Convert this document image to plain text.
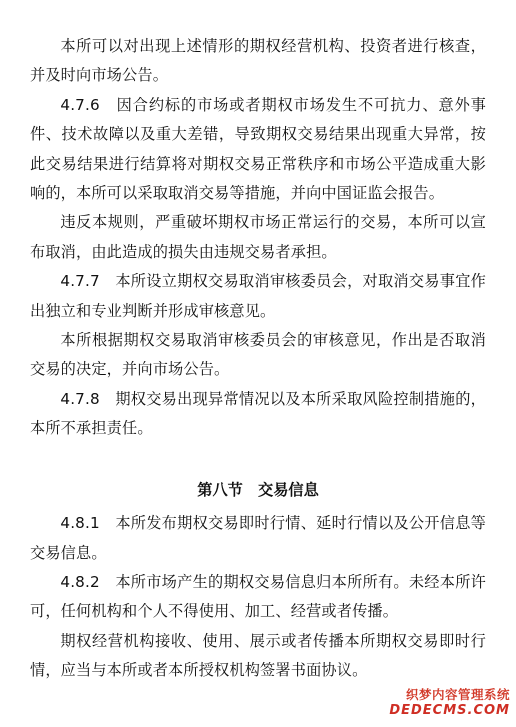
本所可以对出现上述情形的期权经营机构、投资者进行核查，并及时向市场公告。

4.7.6　因合约标的市场或者期权市场发生不可抗力、意外事件、技术故障以及重大差错，导致期权交易结果出现重大异常，按此交易结果进行结算将对期权交易正常秩序和市场公平造成重大影响的，本所可以采取取消交易等措施，并向中国证监会报告。

违反本规则，严重破坏期权市场正常运行的交易，本所可以宣布取消，由此造成的损失由违规交易者承担。

4.7.7　本所设立期权交易取消审核委员会，对取消交易事宜作出独立和专业判断并形成审核意见。

本所根据期权交易取消审核委员会的审核意见，作出是否取消交易的决定，并向市场公告。

4.7.8　期权交易出现异常情况以及本所采取风险控制措施的，本所不承担责任。

第八节　交易信息

4.8.1　本所发布期权交易即时行情、延时行情以及公开信息等交易信息。

4.8.2　本所市场产生的期权交易信息归本所所有。未经本所许可，任何机构和个人不得使用、加工、经营或者传播。

期权经营机构接收、使用、展示或者传播本所期权交易即时行情，应当与本所或者本所授权机构签署书面协议。

织梦内容管理系统
DEDECMS.COM
